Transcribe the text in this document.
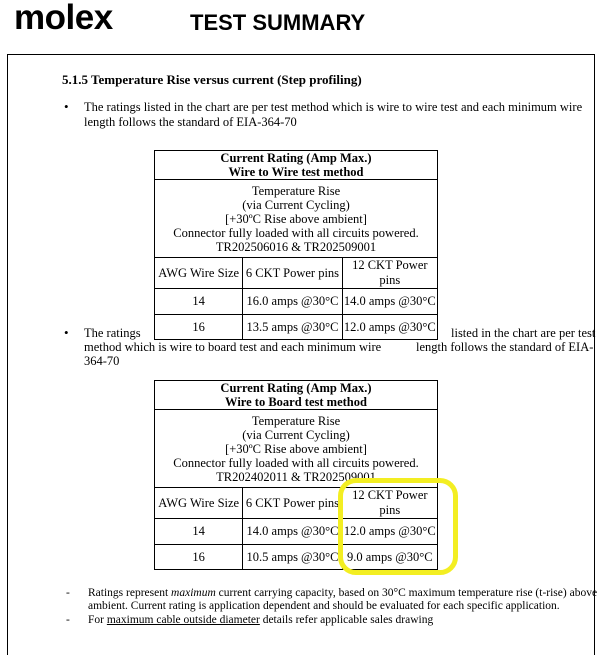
molex	TEST SUMMARY
5.1.5 Temperature Rise versus current (Step profiling)
• The ratings listed in the chart are per test method which is wire to wire test and each minimum wire
length follows the standard of EIA-364-70
Current Rating (Amp Max.)
Wire to Wire test method		

Temperature Rise
(via Current Cycling)
[+30ºC Rise above ambient]
Connector fully loaded with all circuits powered.
TR202506016 & TR202509001		

AWG Wire Size	6 CKT Power pins	12 CKT Power pins
14	16.0 amps @30°C	14.0 amps @30°C
16	13.5 amps @30°C	12.0 amps @30°C
• The ratings	listed in the chart are per test
method which is wire to board test and each minimum wire	length follows the standard of EIA-
364-70
Current Rating (Amp Max.)
Wire to Board test method		

Temperature Rise
(via Current Cycling)
[+30ºC Rise above ambient]
Connector fully loaded with all circuits powered.
TR202402011 & TR202509001		

AWG Wire Size	6 CKT Power pins	12 CKT Power pins
14	14.0 amps @30°C	12.0 amps @30°C
16	10.5 amps @30°C	9.0 amps @30°C
- Ratings represent maximum current carrying capacity, based on 30°C maximum temperature rise (t-rise) above
ambient. Current rating is application dependent and should be evaluated for each specific application.
- For maximum cable outside diameter details refer applicable sales drawing
